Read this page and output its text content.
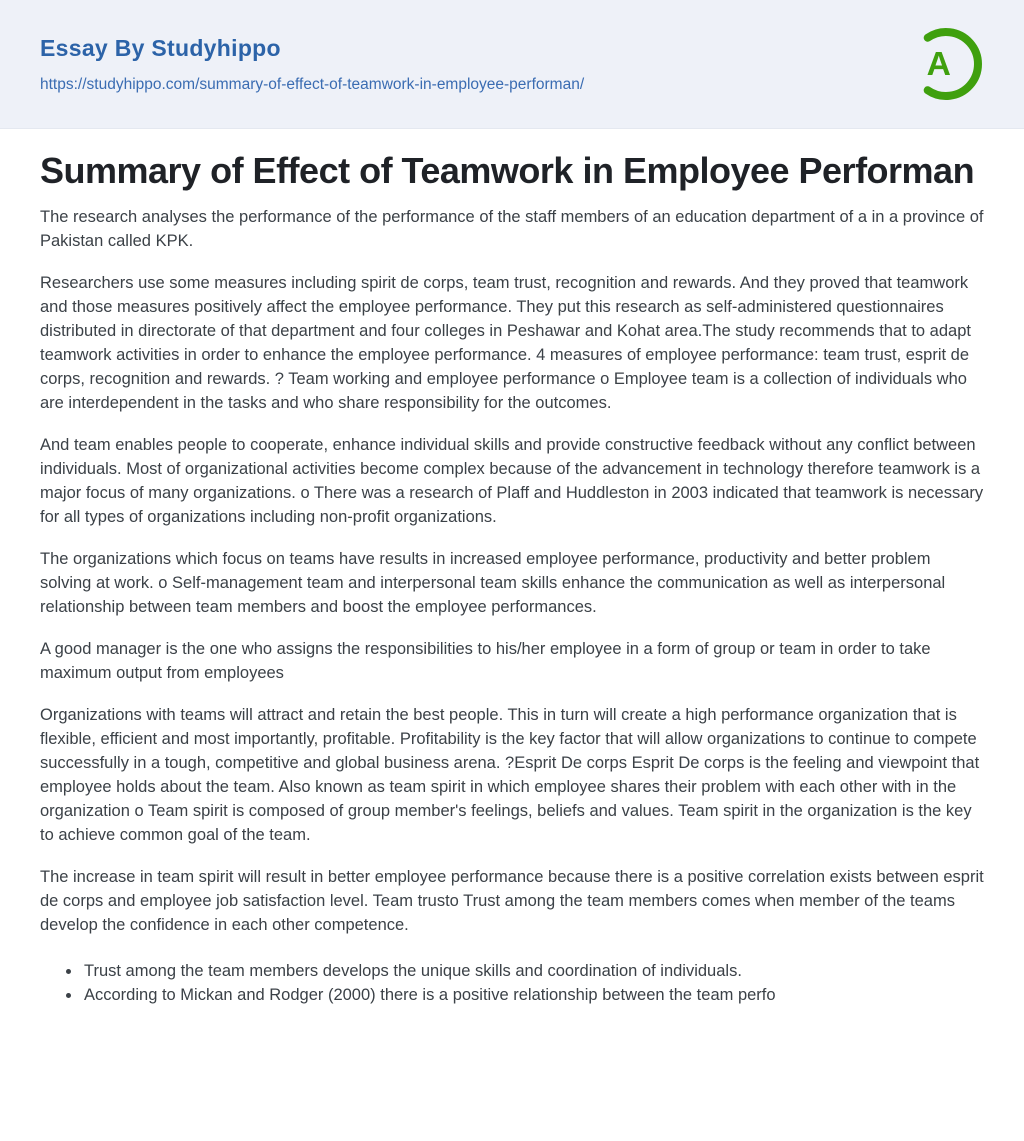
Essay By Studyhippo
https://studyhippo.com/summary-of-effect-of-teamwork-in-employee-performan/
A
Summary of Effect of Teamwork in Employee Performan

The research analyses the performance of the performance of the staff members of an education department of a in a province of Pakistan called KPK.

Researchers use some measures including spirit de corps, team trust, recognition and rewards. And they proved that teamwork and those measures positively affect the employee performance. They put this research as self-administered questionnaires distributed in directorate of that department and four colleges in Peshawar and Kohat area.The study recommends that to adapt teamwork activities in order to enhance the employee performance. 4 measures of employee performance: team trust, esprit de corps, recognition and rewards. ? Team working and employee performance o Employee team is a collection of individuals who are interdependent in the tasks and who share responsibility for the outcomes.

And team enables people to cooperate, enhance individual skills and provide constructive feedback without any conflict between individuals. Most of organizational activities become complex because of the advancement in technology therefore teamwork is a major focus of many organizations. o There was a research of Plaff and Huddleston in 2003 indicated that teamwork is necessary for all types of organizations including non-profit organizations.

The organizations which focus on teams have results in increased employee performance, productivity and better problem solving at work. o Self-management team and interpersonal team skills enhance the communication as well as interpersonal relationship between team members and boost the employee performances.

A good manager is the one who assigns the responsibilities to his/her employee in a form of group or team in order to take maximum output from employees

Organizations with teams will attract and retain the best people. This in turn will create a high performance organization that is flexible, efficient and most importantly, profitable. Profitability is the key factor that will allow organizations to continue to compete successfully in a tough, competitive and global business arena. ?Esprit De corps Esprit De corps is the feeling and viewpoint that employee holds about the team. Also known as team spirit in which employee shares their problem with each other with in the organization o Team spirit is composed of group member's feelings, beliefs and values. Team spirit in the organization is the key to achieve common goal of the team.

The increase in team spirit will result in better employee performance because there is a positive correlation exists between esprit de corps and employee job satisfaction level. Team trusto Trust among the team members comes when member of the teams develop the confidence in each other competence.

• Trust among the team members develops the unique skills and coordination of individuals.
• According to Mickan and Rodger (2000) there is a positive relationship between the team perfo
